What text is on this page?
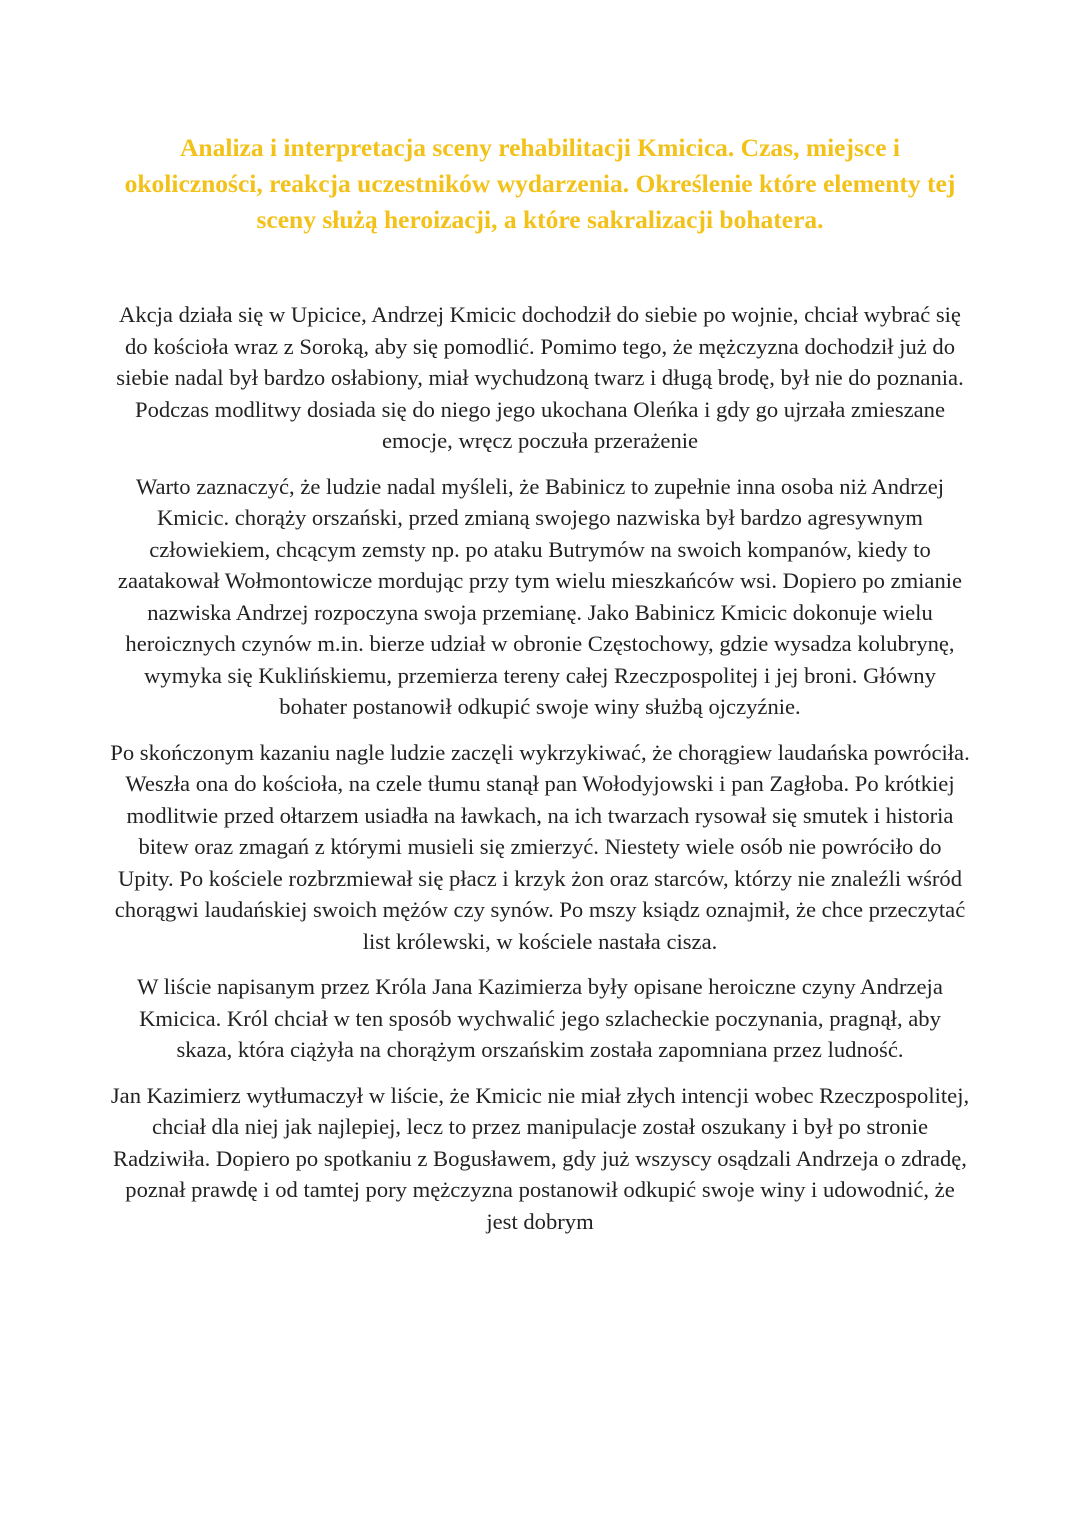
Analiza i interpretacja sceny rehabilitacji Kmicica. Czas, miejsce i okoliczności, reakcja uczestników wydarzenia. Określenie które elementy tej sceny służą heroizacji, a które sakralizacji bohatera.

Akcja działa się w Upicice, Andrzej Kmicic dochodził do siebie po wojnie, chciał wybrać się do kościoła wraz z Soroką, aby się pomodlić. Pomimo tego, że mężczyzna dochodził już do siebie nadal był bardzo osłabiony, miał wychudzoną twarz i długą brodę, był nie do poznania. Podczas modlitwy dosiada się do niego jego ukochana Oleńka i gdy go ujrzała zmieszane emocje, wręcz poczuła przerażenie

Warto zaznaczyć, że ludzie nadal myśleli, że Babinicz to zupełnie inna osoba niż Andrzej Kmicic. chorąży orszański, przed zmianą swojego nazwiska był bardzo agresywnym człowiekiem, chcącym zemsty np. po ataku Butrymów na swoich kompanów, kiedy to zaatakował Wołmontowicze mordując przy tym wielu mieszkańców wsi. Dopiero po zmianie nazwiska Andrzej rozpoczyna swoja przemianę. Jako Babinicz Kmicic dokonuje wielu heroicznych czynów m.in. bierze udział w obronie Częstochowy, gdzie wysadza kolubrynę, wymyka się Kuklińskiemu, przemierza tereny całej Rzeczpospolitej i jej broni. Główny bohater postanowił odkupić swoje winy służbą ojczyźnie.

Po skończonym kazaniu nagle ludzie zaczęli wykrzykiwać, że chorągiew laudańska powróciła. Weszła ona do kościoła, na czele tłumu stanął pan Wołodyjowski i pan Zagłoba. Po krótkiej modlitwie przed ołtarzem usiadła na ławkach, na ich twarzach rysował się smutek i historia bitew oraz zmagań z którymi musieli się zmierzyć. Niestety wiele osób nie powróciło do Upity. Po kościele rozbrzmiewał się płacz i krzyk żon oraz starców, którzy nie znaleźli wśród chorągwi laudańskiej swoich mężów czy synów. Po mszy ksiądz oznajmił, że chce przeczytać list królewski, w kościele nastała cisza.

W liście napisanym przez Króla Jana Kazimierza były opisane heroiczne czyny Andrzeja Kmicica. Król chciał w ten sposób wychwalić jego szlacheckie poczynania, pragnął, aby skaza, która ciążyła na chorążym orszańskim została zapomniana przez ludność.

Jan Kazimierz wytłumaczył w liście, że Kmicic nie miał złych intencji wobec Rzeczpospolitej, chciał dla niej jak najlepiej, lecz to przez manipulacje został oszukany i był po stronie Radziwiła. Dopiero po spotkaniu z Bogusławem, gdy już wszyscy osądzali Andrzeja o zdradę, poznał prawdę i od tamtej pory mężczyzna postanowił odkupić swoje winy i udowodnić, że jest dobrym
